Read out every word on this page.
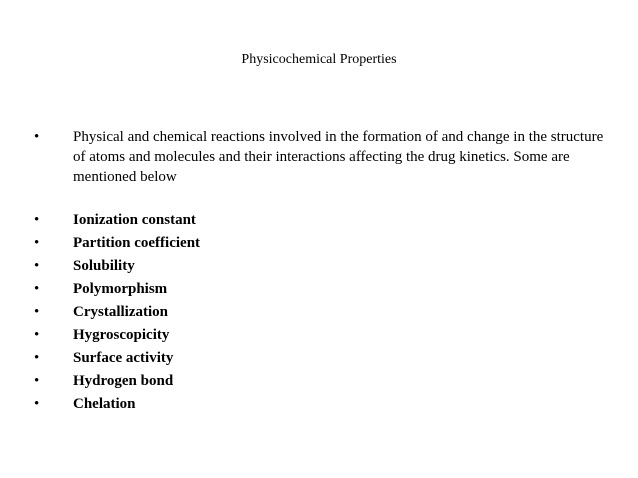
Physicochemical Properties
•	Physical and chemical reactions involved in the formation of and change in the structure of atoms and molecules and their interactions affecting the drug kinetics. Some are mentioned below
•	Ionization constant
•	Partition coefficient
•	Solubility
•	Polymorphism
•	Crystallization
•	Hygroscopicity
•	Surface activity
•	Hydrogen bond
•	Chelation
